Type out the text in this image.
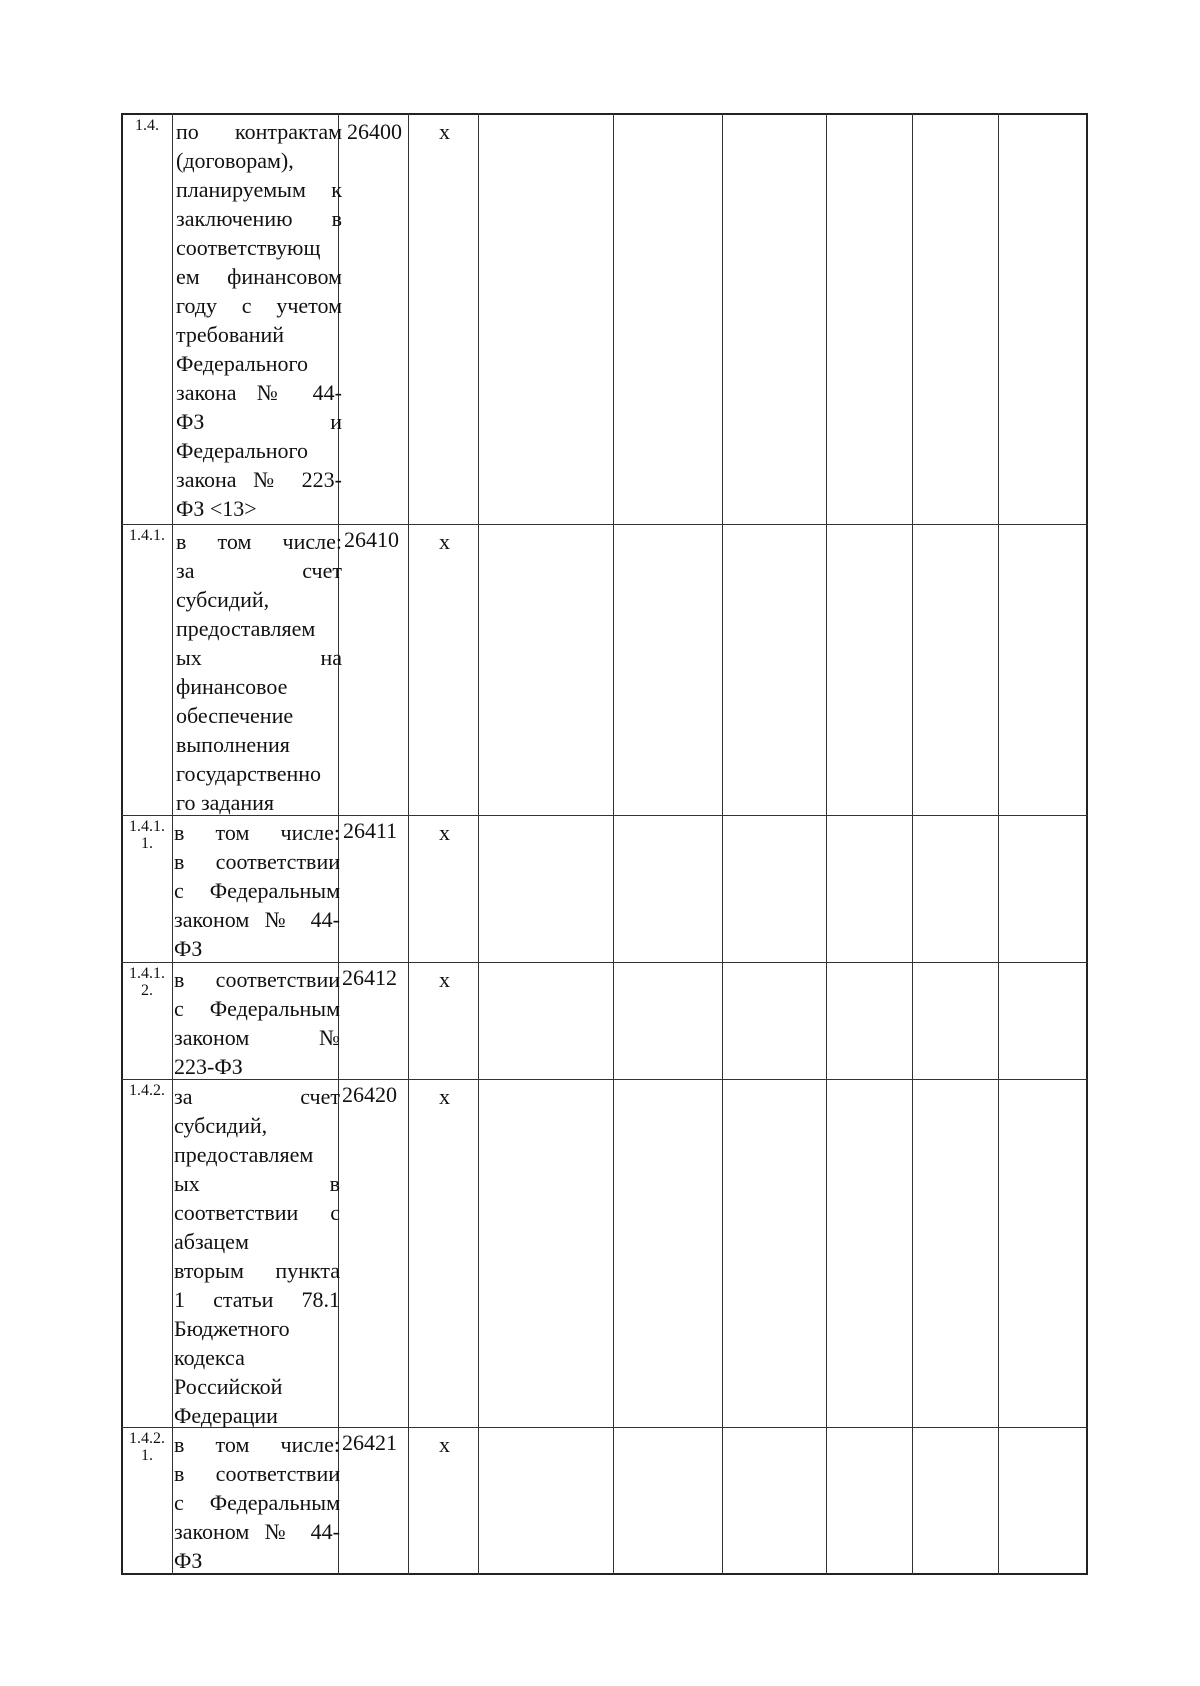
1.4. по контрактам
(договорам),
планируемым к
заключению в
соответствующ
ем финансовом
году с учетом
требований
Федерального
закона № 44-
ФЗ и
Федерального
закона № 223-
ФЗ <13>
26400 x
1.4.1. в том числе:
за счет
субсидий,
предоставляем
ых на
финансовое
обеспечение
выполнения
государственно
го задания
26410 x
1.4.1.
1. в том числе:
в соответствии
с Федеральным
законом № 44-
ФЗ
26411 x
1.4.1.
2. в соответствии
с Федеральным
законом №
223-ФЗ
26412 x
1.4.2. за счет
субсидий,
предоставляем
ых в
соответствии с
абзацем
вторым пункта
1 статьи 78.1
Бюджетного
кодекса
Российской
Федерации
26420 x
1.4.2.
1. в том числе:
в соответствии
с Федеральным
законом № 44-
ФЗ
26421 x
